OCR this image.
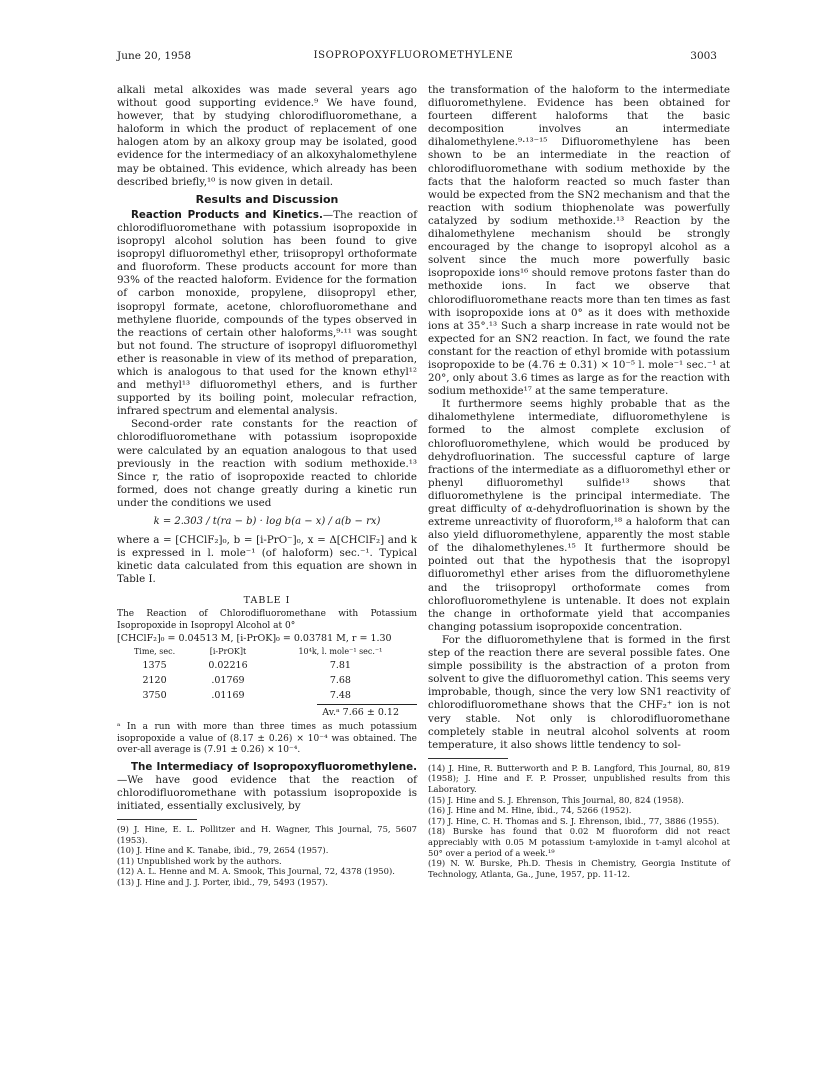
June 20, 1958	ISOPROPOXYFLUOROMETHYLENE	3003

alkali metal alkoxides was made several years ago without good supporting evidence.⁹ We have found, however, that by studying chlorodifluoromethane, a haloform in which the product of replacement of one halogen atom by an alkoxy group may be isolated, good evidence for the intermediacy of an alkoxyhalomethylene may be obtained. This evidence, which already has been described briefly,¹⁰ is now given in detail.

Results and Discussion

Reaction Products and Kinetics.—The reaction of chlorodifluoromethane with potassium isopropoxide in isopropyl alcohol solution has been found to give isopropyl difluoromethyl ether, triisopropyl orthoformate and fluoroform. These products account for more than 93% of the reacted haloform. Evidence for the formation of carbon monoxide, propylene, diisopropyl ether, isopropyl formate, acetone, chlorofluoromethane and methylene fluoride, compounds of the types observed in the reactions of certain other haloforms,⁹·¹¹ was sought but not found. The structure of isopropyl difluoromethyl ether is reasonable in view of its method of preparation, which is analogous to that used for the known ethyl¹² and methyl¹³ difluoromethyl ethers, and is further supported by its boiling point, molecular refraction, infrared spectrum and elemental analysis.

Second-order rate constants for the reaction of chlorodifluoromethane with potassium isopropoxide were calculated by an equation analogous to that used previously in the reaction with sodium methoxide.¹³ Since r, the ratio of isopropoxide reacted to chloride formed, does not change greatly during a kinetic run under the conditions we used

k = 2.303 / t(ra − b) · log b(a − x) / a(b − rx)

where a = [CHClF₂]₀, b = [i-PrO⁻]₀, x = Δ[CHClF₂] and k is expressed in l. mole⁻¹ (of haloform) sec.⁻¹. Typical kinetic data calculated from this equation are shown in Table I.

TABLE I
The Reaction of Chlorodifluoromethane with Potassium Isopropoxide in Isopropyl Alcohol at 0°
[CHClF₂]₀ = 0.04513 M, [i-PrOK]₀ = 0.03781 M, r = 1.30
Time, sec.	[i-PrOK]t	10⁴k, l. mole⁻¹ sec.⁻¹
1375	0.02216	7.81
2120	.01769	7.68
3750	.01169	7.48
Av.ᵃ 7.66 ± 0.12
ᵃ In a run with more than three times as much potassium isopropoxide a value of (8.17 ± 0.26) × 10⁻⁴ was obtained. The over-all average is (7.91 ± 0.26) × 10⁻⁴.

The Intermediacy of Isopropoxyfluoromethylene.—We have good evidence that the reaction of chlorodifluoromethane with potassium isopropoxide is initiated, essentially exclusively, by

(9) J. Hine, E. L. Pollitzer and H. Wagner, This Journal, 75, 5607 (1953).
(10) J. Hine and K. Tanabe, ibid., 79, 2654 (1957).
(11) Unpublished work by the authors.
(12) A. L. Henne and M. A. Smook, This Journal, 72, 4378 (1950).
(13) J. Hine and J. J. Porter, ibid., 79, 5493 (1957).

the transformation of the haloform to the intermediate difluoromethylene. Evidence has been obtained for fourteen different haloforms that the basic decomposition involves an intermediate dihalomethylene.⁹·¹³⁻¹⁵ Difluoromethylene has been shown to be an intermediate in the reaction of chlorodifluoromethane with sodium methoxide by the facts that the haloform reacted so much faster than would be expected from the SN2 mechanism and that the reaction with sodium thiophenolate was powerfully catalyzed by sodium methoxide.¹³ Reaction by the dihalomethylene mechanism should be strongly encouraged by the change to isopropyl alcohol as a solvent since the much more powerfully basic isopropoxide ions¹⁶ should remove protons faster than do methoxide ions. In fact we observe that chlorodifluoromethane reacts more than ten times as fast with isopropoxide ions at 0° as it does with methoxide ions at 35°.¹³ Such a sharp increase in rate would not be expected for an SN2 reaction. In fact, we found the rate constant for the reaction of ethyl bromide with potassium isopropoxide to be (4.76 ± 0.31) × 10⁻⁵ l. mole⁻¹ sec.⁻¹ at 20°, only about 3.6 times as large as for the reaction with sodium methoxide¹⁷ at the same temperature.

It furthermore seems highly probable that as the dihalomethylene intermediate, difluoromethylene is formed to the almost complete exclusion of chlorofluoromethylene, which would be produced by dehydrofluorination. The successful capture of large fractions of the intermediate as a difluoromethyl ether or phenyl difluoromethyl sulfide¹³ shows that difluoromethylene is the principal intermediate. The great difficulty of α-dehydrofluorination is shown by the extreme unreactivity of fluoroform,¹⁸ a haloform that can also yield difluoromethylene, apparently the most stable of the dihalomethylenes.¹⁵ It furthermore should be pointed out that the hypothesis that the isopropyl difluoromethyl ether arises from the difluoromethylene and the triisopropyl orthoformate comes from chlorofluoromethylene is untenable. It does not explain the change in orthoformate yield that accompanies changing potassium isopropoxide concentration.

For the difluoromethylene that is formed in the first step of the reaction there are several possible fates. One simple possibility is the abstraction of a proton from solvent to give the difluoromethyl cation. This seems very improbable, though, since the very low SN1 reactivity of chlorodifluoromethane shows that the CHF₂⁺ ion is not very stable. Not only is chlorodifluoromethane completely stable in neutral alcohol solvents at room temperature, it also shows little tendency to sol-

(14) J. Hine, R. Butterworth and P. B. Langford, This Journal, 80, 819 (1958); J. Hine and F. P. Prosser, unpublished results from this Laboratory.
(15) J. Hine and S. J. Ehrenson, This Journal, 80, 824 (1958).
(16) J. Hine and M. Hine, ibid., 74, 5266 (1952).
(17) J. Hine, C. H. Thomas and S. J. Ehrenson, ibid., 77, 3886 (1955).
(18) Burske has found that 0.02 M fluoroform did not react appreciably with 0.05 M potassium t-amyloxide in t-amyl alcohol at 50° over a period of a week.¹⁹
(19) N. W. Burske, Ph.D. Thesis in Chemistry, Georgia Institute of Technology, Atlanta, Ga., June, 1957, pp. 11-12.
